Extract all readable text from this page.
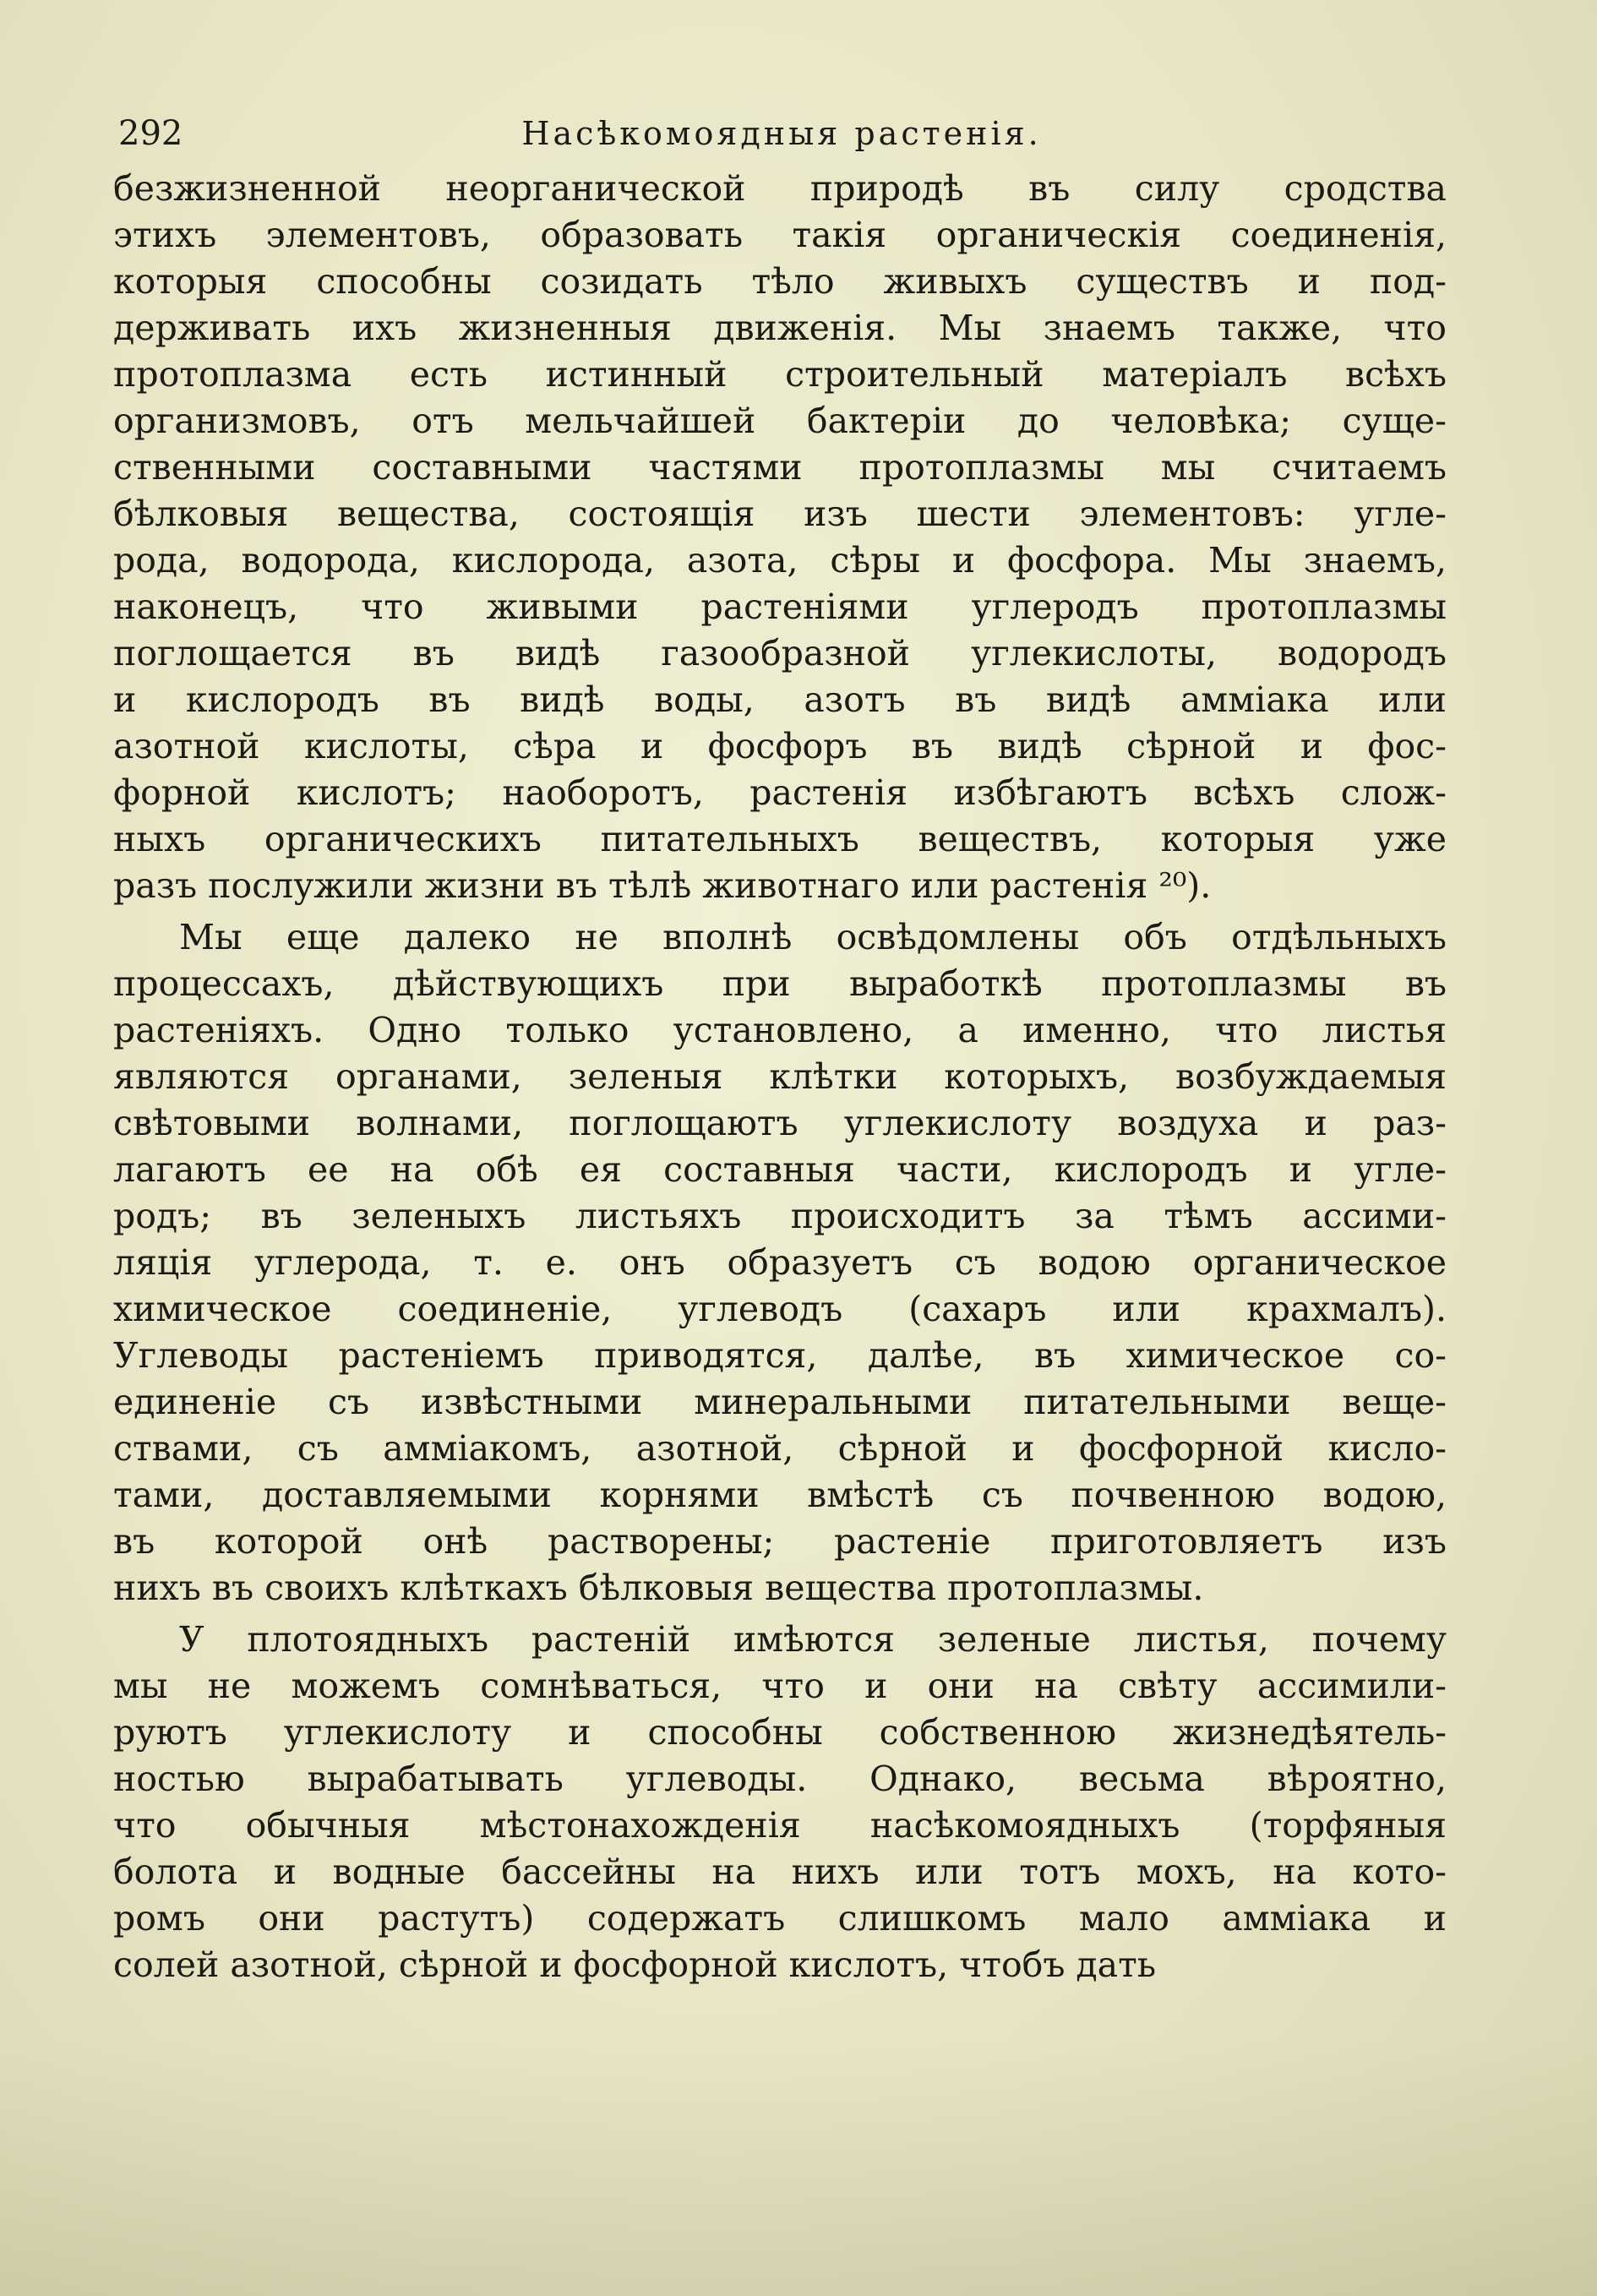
292	Насѣкомоядныя растенія.
безжизненной неорганической природѣ въ силу сродства
этихъ элементовъ, образовать такія органическія соединенія,
которыя способны созидать тѣло живыхъ существъ и под-
держивать ихъ жизненныя движенія. Мы знаемъ также, что
протоплазма есть истинный строительный матеріалъ всѣхъ
организмовъ, отъ мельчайшей бактеріи до человѣка; суще-
ственными составными частями протоплазмы мы считаемъ
бѣлковыя вещества, состоящія изъ шести элементовъ: угле-
рода, водорода, кислорода, азота, сѣры и фосфора. Мы знаемъ,
наконецъ, что живыми растеніями углеродъ протоплазмы
поглощается въ видѣ газообразной углекислоты, водородъ
и кислородъ въ видѣ воды, азотъ въ видѣ амміака или
азотной кислоты, сѣра и фосфоръ въ видѣ сѣрной и фос-
форной кислотъ; наоборотъ, растенія избѣгаютъ всѣхъ слож-
ныхъ органическихъ питательныхъ веществъ, которыя уже
разъ послужили жизни въ тѣлѣ животнаго или растенія ²⁰).
Мы еще далеко не вполнѣ освѣдомлены объ отдѣльныхъ
процессахъ, дѣйствующихъ при выработкѣ протоплазмы въ
растеніяхъ. Одно только установлено, а именно, что листья
являются органами, зеленыя клѣтки которыхъ, возбуждаемыя
свѣтовыми волнами, поглощаютъ углекислоту воздуха и раз-
лагаютъ ее на обѣ ея составныя части, кислородъ и угле-
родъ; въ зеленыхъ листьяхъ происходитъ за тѣмъ ассими-
ляція углерода, т. е. онъ образуетъ съ водою органическое
химическое соединеніе, углеводъ (сахаръ или крахмалъ).
Углеводы растеніемъ приводятся, далѣе, въ химическое со-
единеніе съ извѣстными минеральными питательными веще-
ствами, съ амміакомъ, азотной, сѣрной и фосфорной кисло-
тами, доставляемыми корнями вмѣстѣ съ почвенною водою,
въ которой онѣ растворены; растеніе приготовляетъ изъ
нихъ въ своихъ клѣткахъ бѣлковыя вещества протоплазмы.
У плотоядныхъ растеній имѣются зеленые листья, почему
мы не можемъ сомнѣваться, что и они на свѣту ассимили-
руютъ углекислоту и способны собственною жизнедѣятель-
ностью вырабатывать углеводы. Однако, весьма вѣроятно,
что обычныя мѣстонахожденія насѣкомоядныхъ (торфяныя
болота и водные бассейны на нихъ или тотъ мохъ, на кото-
ромъ они растутъ) содержатъ слишкомъ мало амміака и
солей азотной, сѣрной и фосфорной кислотъ, чтобъ дать
